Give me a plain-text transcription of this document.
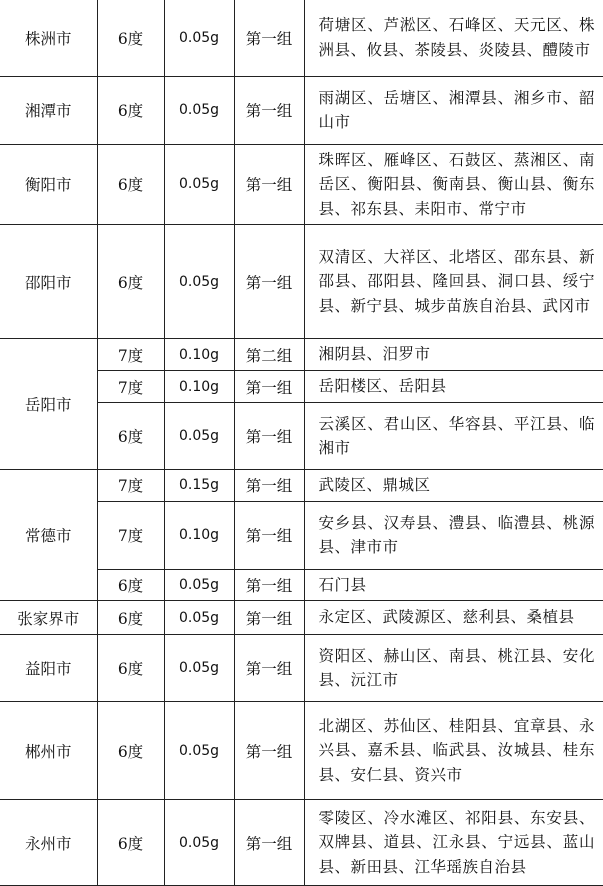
株洲市	6度	0.05g	第一组	荷塘区、芦淞区、石峰区、天元区、株洲县、攸县、茶陵县、炎陵县、醴陵市
湘潭市	6度	0.05g	第一组	雨湖区、岳塘区、湘潭县、湘乡市、韶山市
衡阳市	6度	0.05g	第一组	珠晖区、雁峰区、石鼓区、蒸湘区、南岳区、衡阳县、衡南县、衡山县、衡东县、祁东县、耒阳市、常宁市
邵阳市	6度	0.05g	第一组	双清区、大祥区、北塔区、邵东县、新邵县、邵阳县、隆回县、洞口县、绥宁县、新宁县、城步苗族自治县、武冈市
岳阳市	7度	0.10g	第二组	湘阴县、汨罗市
	7度	0.10g	第一组	岳阳楼区、岳阳县
	6度	0.05g	第一组	云溪区、君山区、华容县、平江县、临湘市
常德市	7度	0.15g	第一组	武陵区、鼎城区
	7度	0.10g	第一组	安乡县、汉寿县、澧县、临澧县、桃源县、津市市
	6度	0.05g	第一组	石门县
张家界市	6度	0.05g	第一组	永定区、武陵源区、慈利县、桑植县
益阳市	6度	0.05g	第一组	资阳区、赫山区、南县、桃江县、安化县、沅江市
郴州市	6度	0.05g	第一组	北湖区、苏仙区、桂阳县、宜章县、永兴县、嘉禾县、临武县、汝城县、桂东县、安仁县、资兴市
永州市	6度	0.05g	第一组	零陵区、冷水滩区、祁阳县、东安县、双牌县、道县、江永县、宁远县、蓝山县、新田县、江华瑶族自治县
